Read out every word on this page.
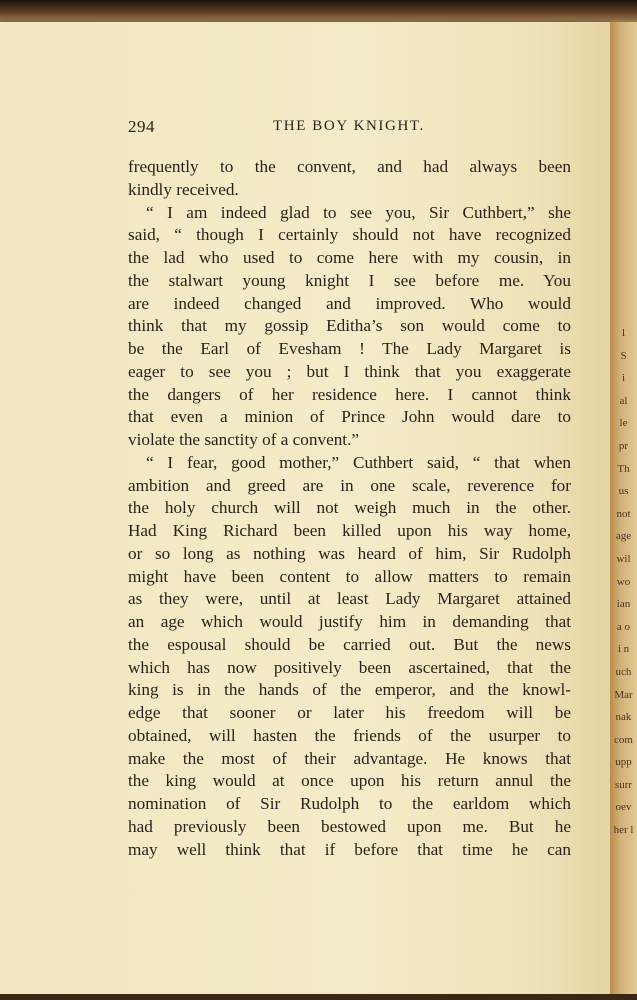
l
S
i
al
le
pr
Th
us
not
age
wil
wo
ian
a o
i n
uch
Mar
nak
com
upp
surr
oev
her l
294	THE BOY KNIGHT.
frequently to the convent, and had always been
kindly received.
“ I am indeed glad to see you, Sir Cuthbert,” she
said, “ though I certainly should not have recognized
the lad who used to come here with my cousin, in
the stalwart young knight I see before me. You
are indeed changed and improved. Who would
think that my gossip Editha’s son would come to
be the Earl of Evesham ! The Lady Margaret is
eager to see you ; but I think that you exaggerate
the dangers of her residence here. I cannot think
that even a minion of Prince John would dare to
violate the sanctity of a convent.”
“ I fear, good mother,” Cuthbert said, “ that when
ambition and greed are in one scale, reverence for
the holy church will not weigh much in the other.
Had King Richard been killed upon his way home,
or so long as nothing was heard of him, Sir Rudolph
might have been content to allow matters to remain
as they were, until at least Lady Margaret attained
an age which would justify him in demanding that
the espousal should be carried out. But the news
which has now positively been ascertained, that the
king is in the hands of the emperor, and the knowl-
edge that sooner or later his freedom will be
obtained, will hasten the friends of the usurper to
make the most of their advantage. He knows that
the king would at once upon his return annul the
nomination of Sir Rudolph to the earldom which
had previously been bestowed upon me. But he
may well think that if before that time he can
